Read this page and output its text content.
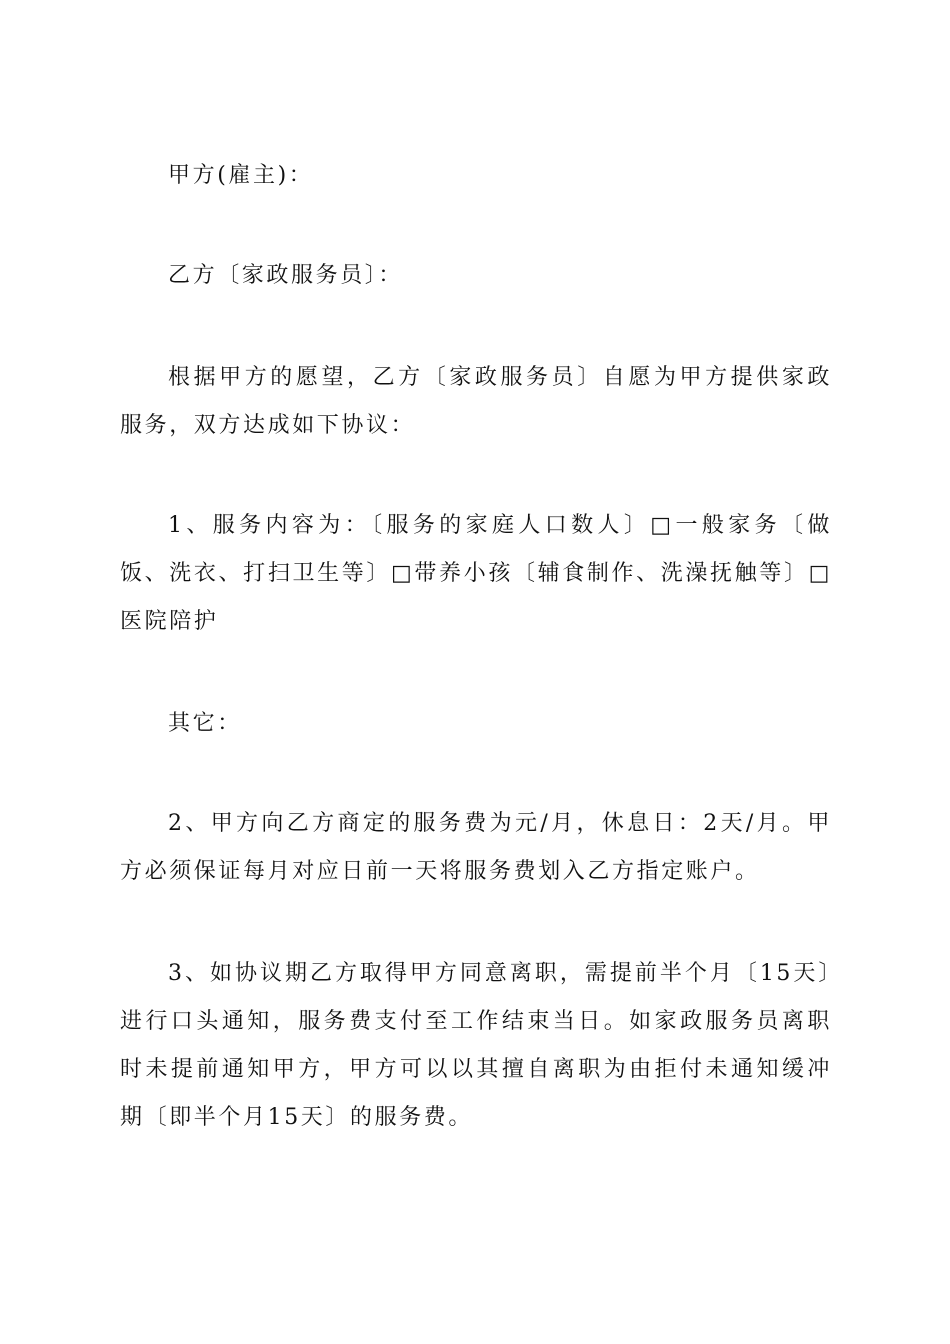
甲方(雇主)：

乙方〔家政服务员〕：

根据甲方的愿望，乙方〔家政服务员〕自愿为甲方提供家政服务，双方达成如下协议：

1、服务内容为：〔服务的家庭人口数人〕□一般家务〔做饭、洗衣、打扫卫生等〕□带养小孩〔辅食制作、洗澡抚触等〕□医院陪护

其它：

2、甲方向乙方商定的服务费为元/月，休息日：2天/月。甲方必须保证每月对应日前一天将服务费划入乙方指定账户。

3、如协议期乙方取得甲方同意离职，需提前半个月〔15天〕进行口头通知，服务费支付至工作结束当日。如家政服务员离职时未提前通知甲方，甲方可以以其擅自离职为由拒付未通知缓冲期〔即半个月15天〕的服务费。
